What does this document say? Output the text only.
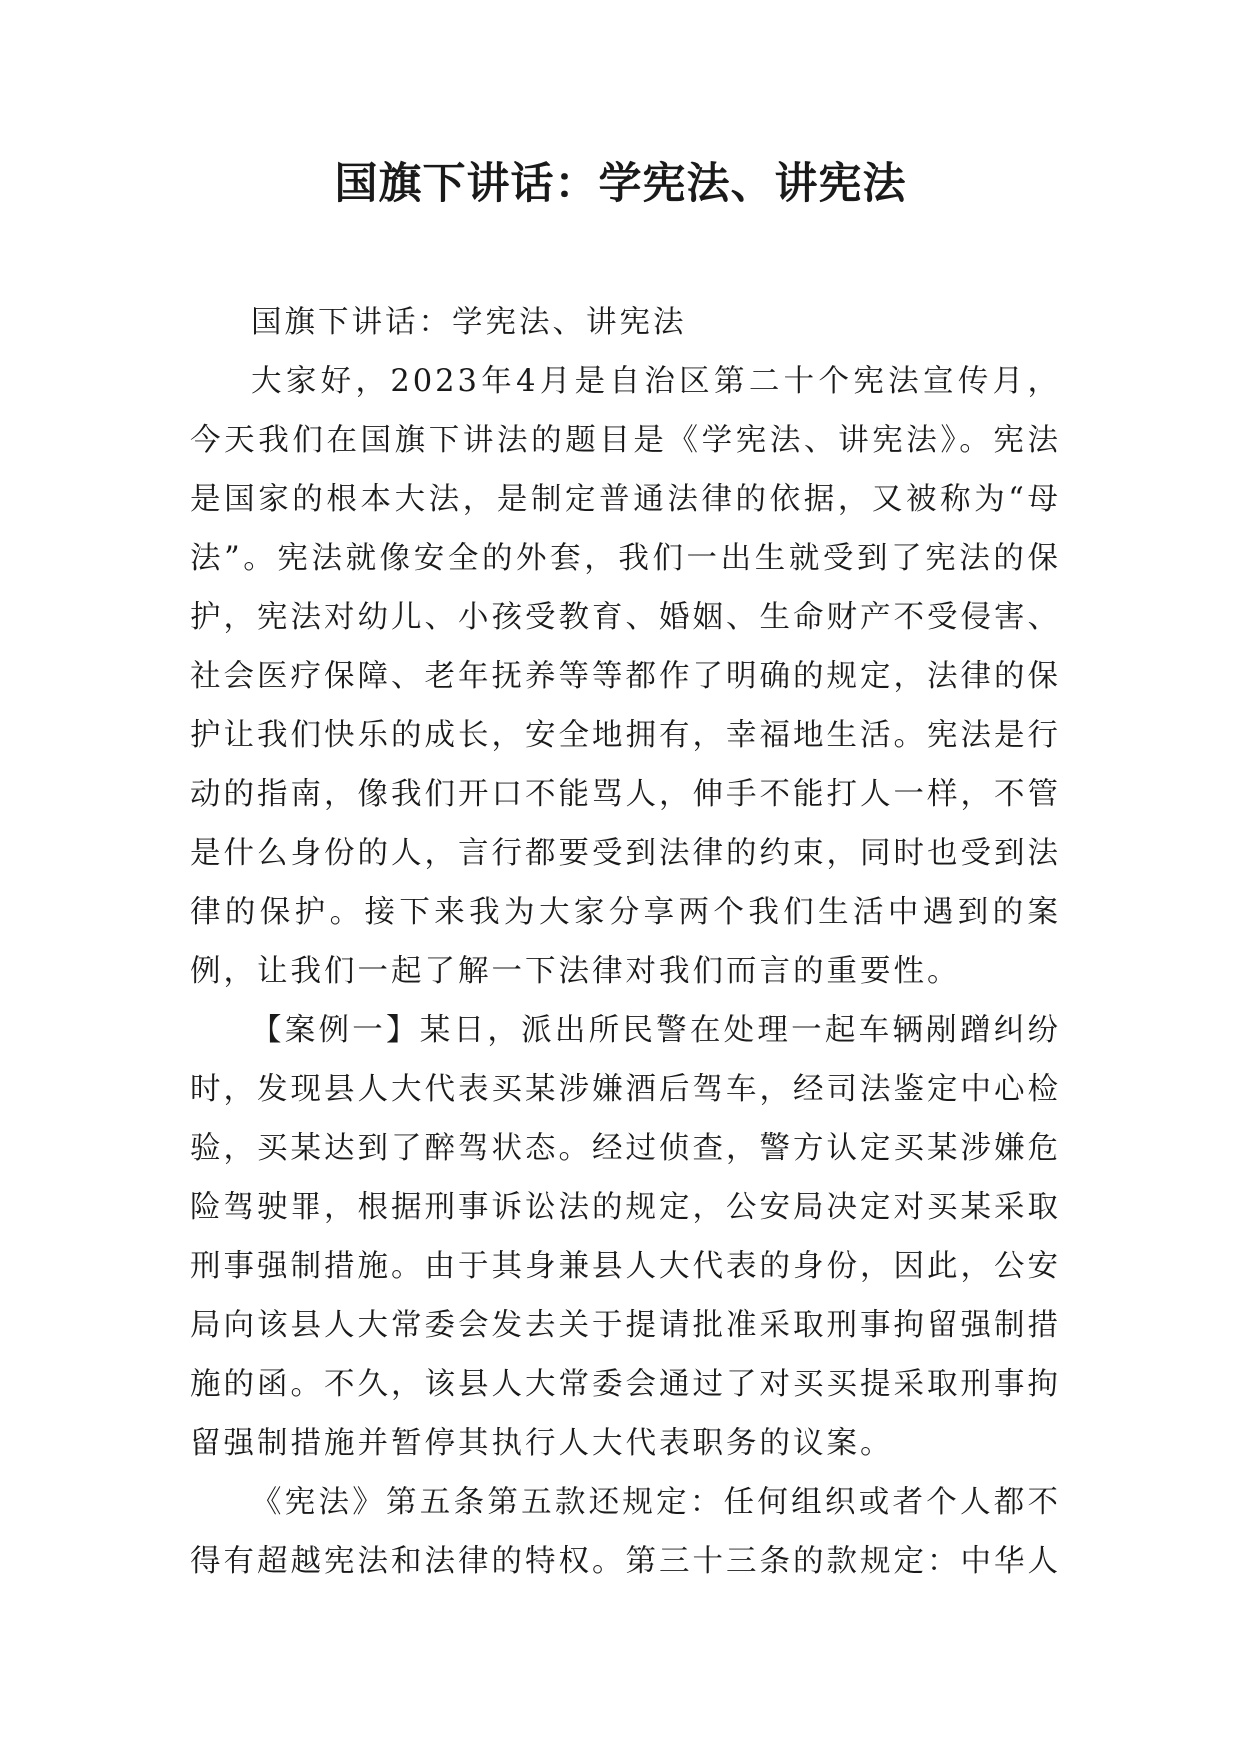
国旗下讲话：学宪法、讲宪法

国旗下讲话：学宪法、讲宪法

大家好，2023年4月是自治区第二十个宪法宣传月，今天我们在国旗下讲法的题目是《学宪法、讲宪法》。宪法是国家的根本大法，是制定普通法律的依据，又被称为“母法”。宪法就像安全的外套，我们一出生就受到了宪法的保护，宪法对幼儿、小孩受教育、婚姻、生命财产不受侵害、社会医疗保障、老年抚养等等都作了明确的规定，法律的保护让我们快乐的成长，安全地拥有，幸福地生活。宪法是行动的指南，像我们开口不能骂人，伸手不能打人一样，不管是什么身份的人，言行都要受到法律的约束，同时也受到法律的保护。接下来我为大家分享两个我们生活中遇到的案例，让我们一起了解一下法律对我们而言的重要性。

【案例一】某日，派出所民警在处理一起车辆剐蹭纠纷时，发现县人大代表买某涉嫌酒后驾车，经司法鉴定中心检验，买某达到了醉驾状态。经过侦查，警方认定买某涉嫌危险驾驶罪，根据刑事诉讼法的规定，公安局决定对买某采取刑事强制措施。由于其身兼县人大代表的身份，因此，公安局向该县人大常委会发去关于提请批准采取刑事拘留强制措施的函。不久，该县人大常委会通过了对买买提采取刑事拘留强制措施并暂停其执行人大代表职务的议案。

《宪法》第五条第五款还规定：任何组织或者个人都不得有超越宪法和法律的特权。第三十三条的款规定：中华人
